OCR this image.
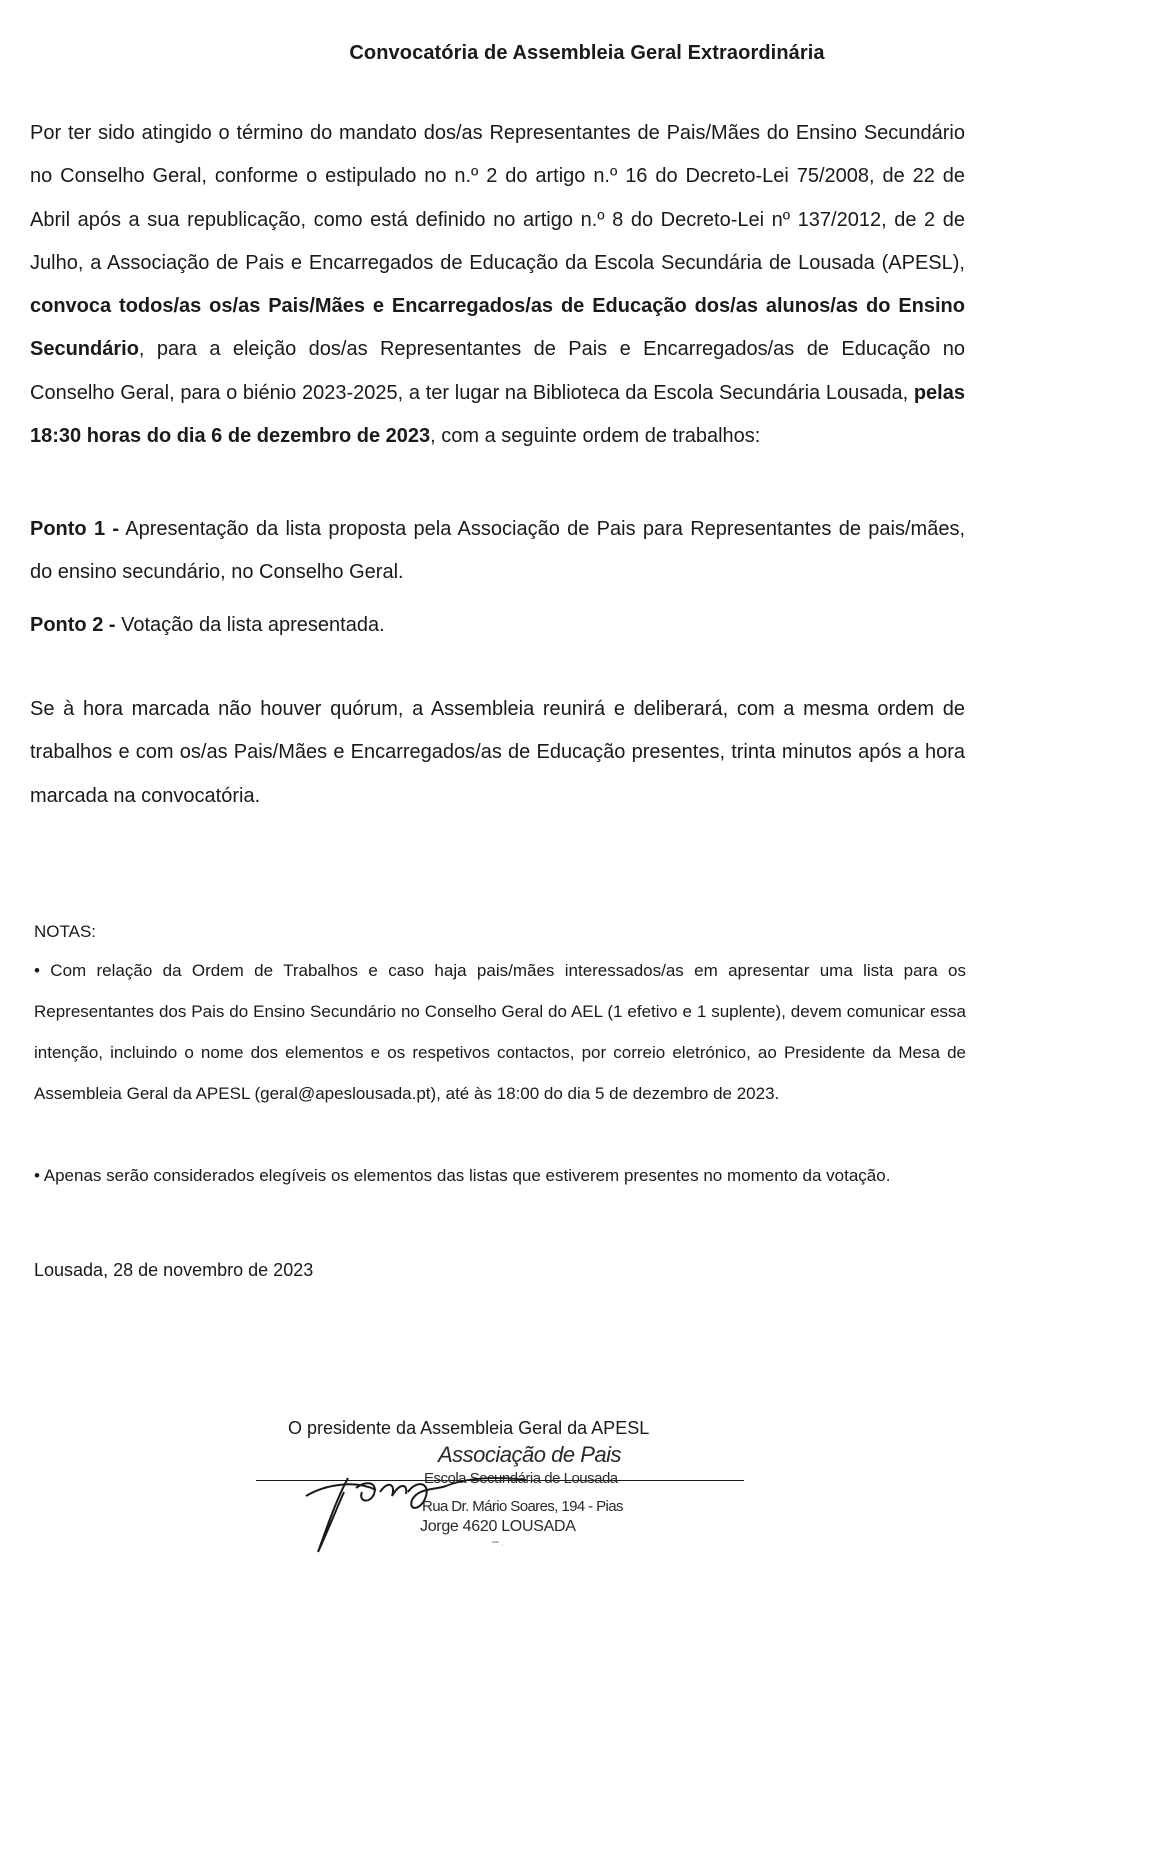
Convocatória de Assembleia Geral Extraordinária

Por ter sido atingido o término do mandato dos/as Representantes de Pais/Mães do Ensino Secundário no Conselho Geral, conforme o estipulado no n.º 2 do artigo n.º 16 do Decreto-Lei 75/2008, de 22 de Abril após a sua republicação, como está definido no artigo n.º 8 do Decreto-Lei nº 137/2012, de 2 de Julho, a Associação de Pais e Encarregados de Educação da Escola Secundária de Lousada (APESL), convoca todos/as os/as Pais/Mães e Encarregados/as de Educação dos/as alunos/as do Ensino Secundário, para a eleição dos/as Representantes de Pais e Encarregados/as de Educação no Conselho Geral, para o biénio 2023-2025, a ter lugar na Biblioteca da Escola Secundária Lousada, pelas 18:30 horas do dia 6 de dezembro de 2023, com a seguinte ordem de trabalhos:

Ponto 1 - Apresentação da lista proposta pela Associação de Pais para Representantes de pais/mães, do ensino secundário, no Conselho Geral.

Ponto 2 - Votação da lista apresentada.

Se à hora marcada não houver quórum, a Assembleia reunirá e deliberará, com a mesma ordem de trabalhos e com os/as Pais/Mães e Encarregados/as de Educação presentes, trinta minutos após a hora marcada na convocatória.

NOTAS:

• Com relação da Ordem de Trabalhos e caso haja pais/mães interessados/as em apresentar uma lista para os Representantes dos Pais do Ensino Secundário no Conselho Geral do AEL (1 efetivo e 1 suplente), devem comunicar essa intenção, incluindo o nome dos elementos e os respetivos contactos, por correio eletrónico, ao Presidente da Mesa de Assembleia Geral da APESL (geral@apeslousada.pt), até às 18:00 do dia 5 de dezembro de 2023.

• Apenas serão considerados elegíveis os elementos das listas que estiverem presentes no momento da votação.

Lousada, 28 de novembro de 2023
O presidente da Assembleia Geral da APESL
Associação de Pais
Escola Secundária de Lousada
Rua Dr. Mário Soares, 194 - Pias
Jorge 4620 LOUSADA
˜˜˜ ·
